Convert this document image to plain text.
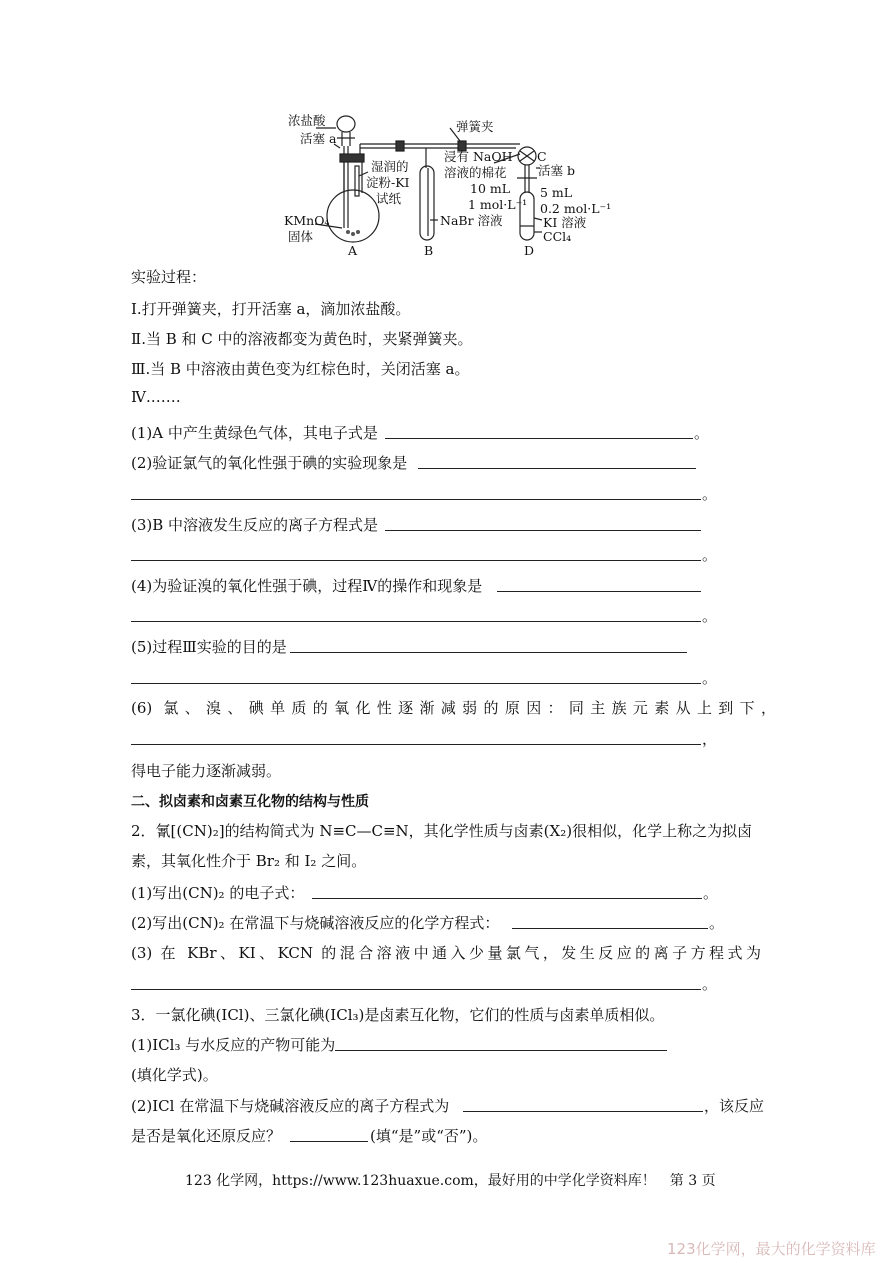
浓盐酸
活塞 a
弹簧夹
湿润的
淀粉-KI
试纸
KMnO₄
固体
浸有 NaOH
溶液的棉花
C
活塞 b
10 mL
1 mol·L⁻¹
NaBr 溶液
5 mL
0.2 mol·L⁻¹
KI 溶液
CCl₄
A	B	D
实验过程：
Ⅰ.打开弹簧夹，打开活塞 a，滴加浓盐酸。
Ⅱ.当 B 和 C 中的溶液都变为黄色时，夹紧弹簧夹。
Ⅲ.当 B 中溶液由黄色变为红棕色时，关闭活塞 a。
Ⅳ.……
(1)A 中产生黄绿色气体，其电子式是	。
(2)验证氯气的氧化性强于碘的实验现象是
。
(3)B 中溶液发生反应的离子方程式是
。
(4)为验证溴的氧化性强于碘，过程Ⅳ的操作和现象是
。
(5)过程Ⅲ实验的目的是
。
(6) 氯、溴、碘单质的氧化性逐渐减弱的原因：同主族元素从上到下，
，
得电子能力逐渐减弱。
二、拟卤素和卤素互化物的结构与性质
2．氰[(CN)₂]的结构简式为 N≡C—C≡N，其化学性质与卤素(X₂)很相似，化学上称之为拟卤
素，其氧化性介于 Br₂ 和 I₂ 之间。
(1)写出(CN)₂ 的电子式：	。
(2)写出(CN)₂ 在常温下与烧碱溶液反应的化学方程式：	。
(3) 在 KBr、KI、KCN 的混合溶液中通入少量氯气，发生反应的离子方程式为
。
3．一氯化碘(ICl)、三氯化碘(ICl₃)是卤素互化物，它们的性质与卤素单质相似。
(1)ICl₃ 与水反应的产物可能为
(填化学式)。
(2)ICl 在常温下与烧碱溶液反应的离子方程式为	，该反应
是否是氧化还原反应？	(填“是”或“否”)。
123 化学网，https://www.123huaxue.com，最好用的中学化学资料库！　第 3 页
123化学网，最大的化学资料库
